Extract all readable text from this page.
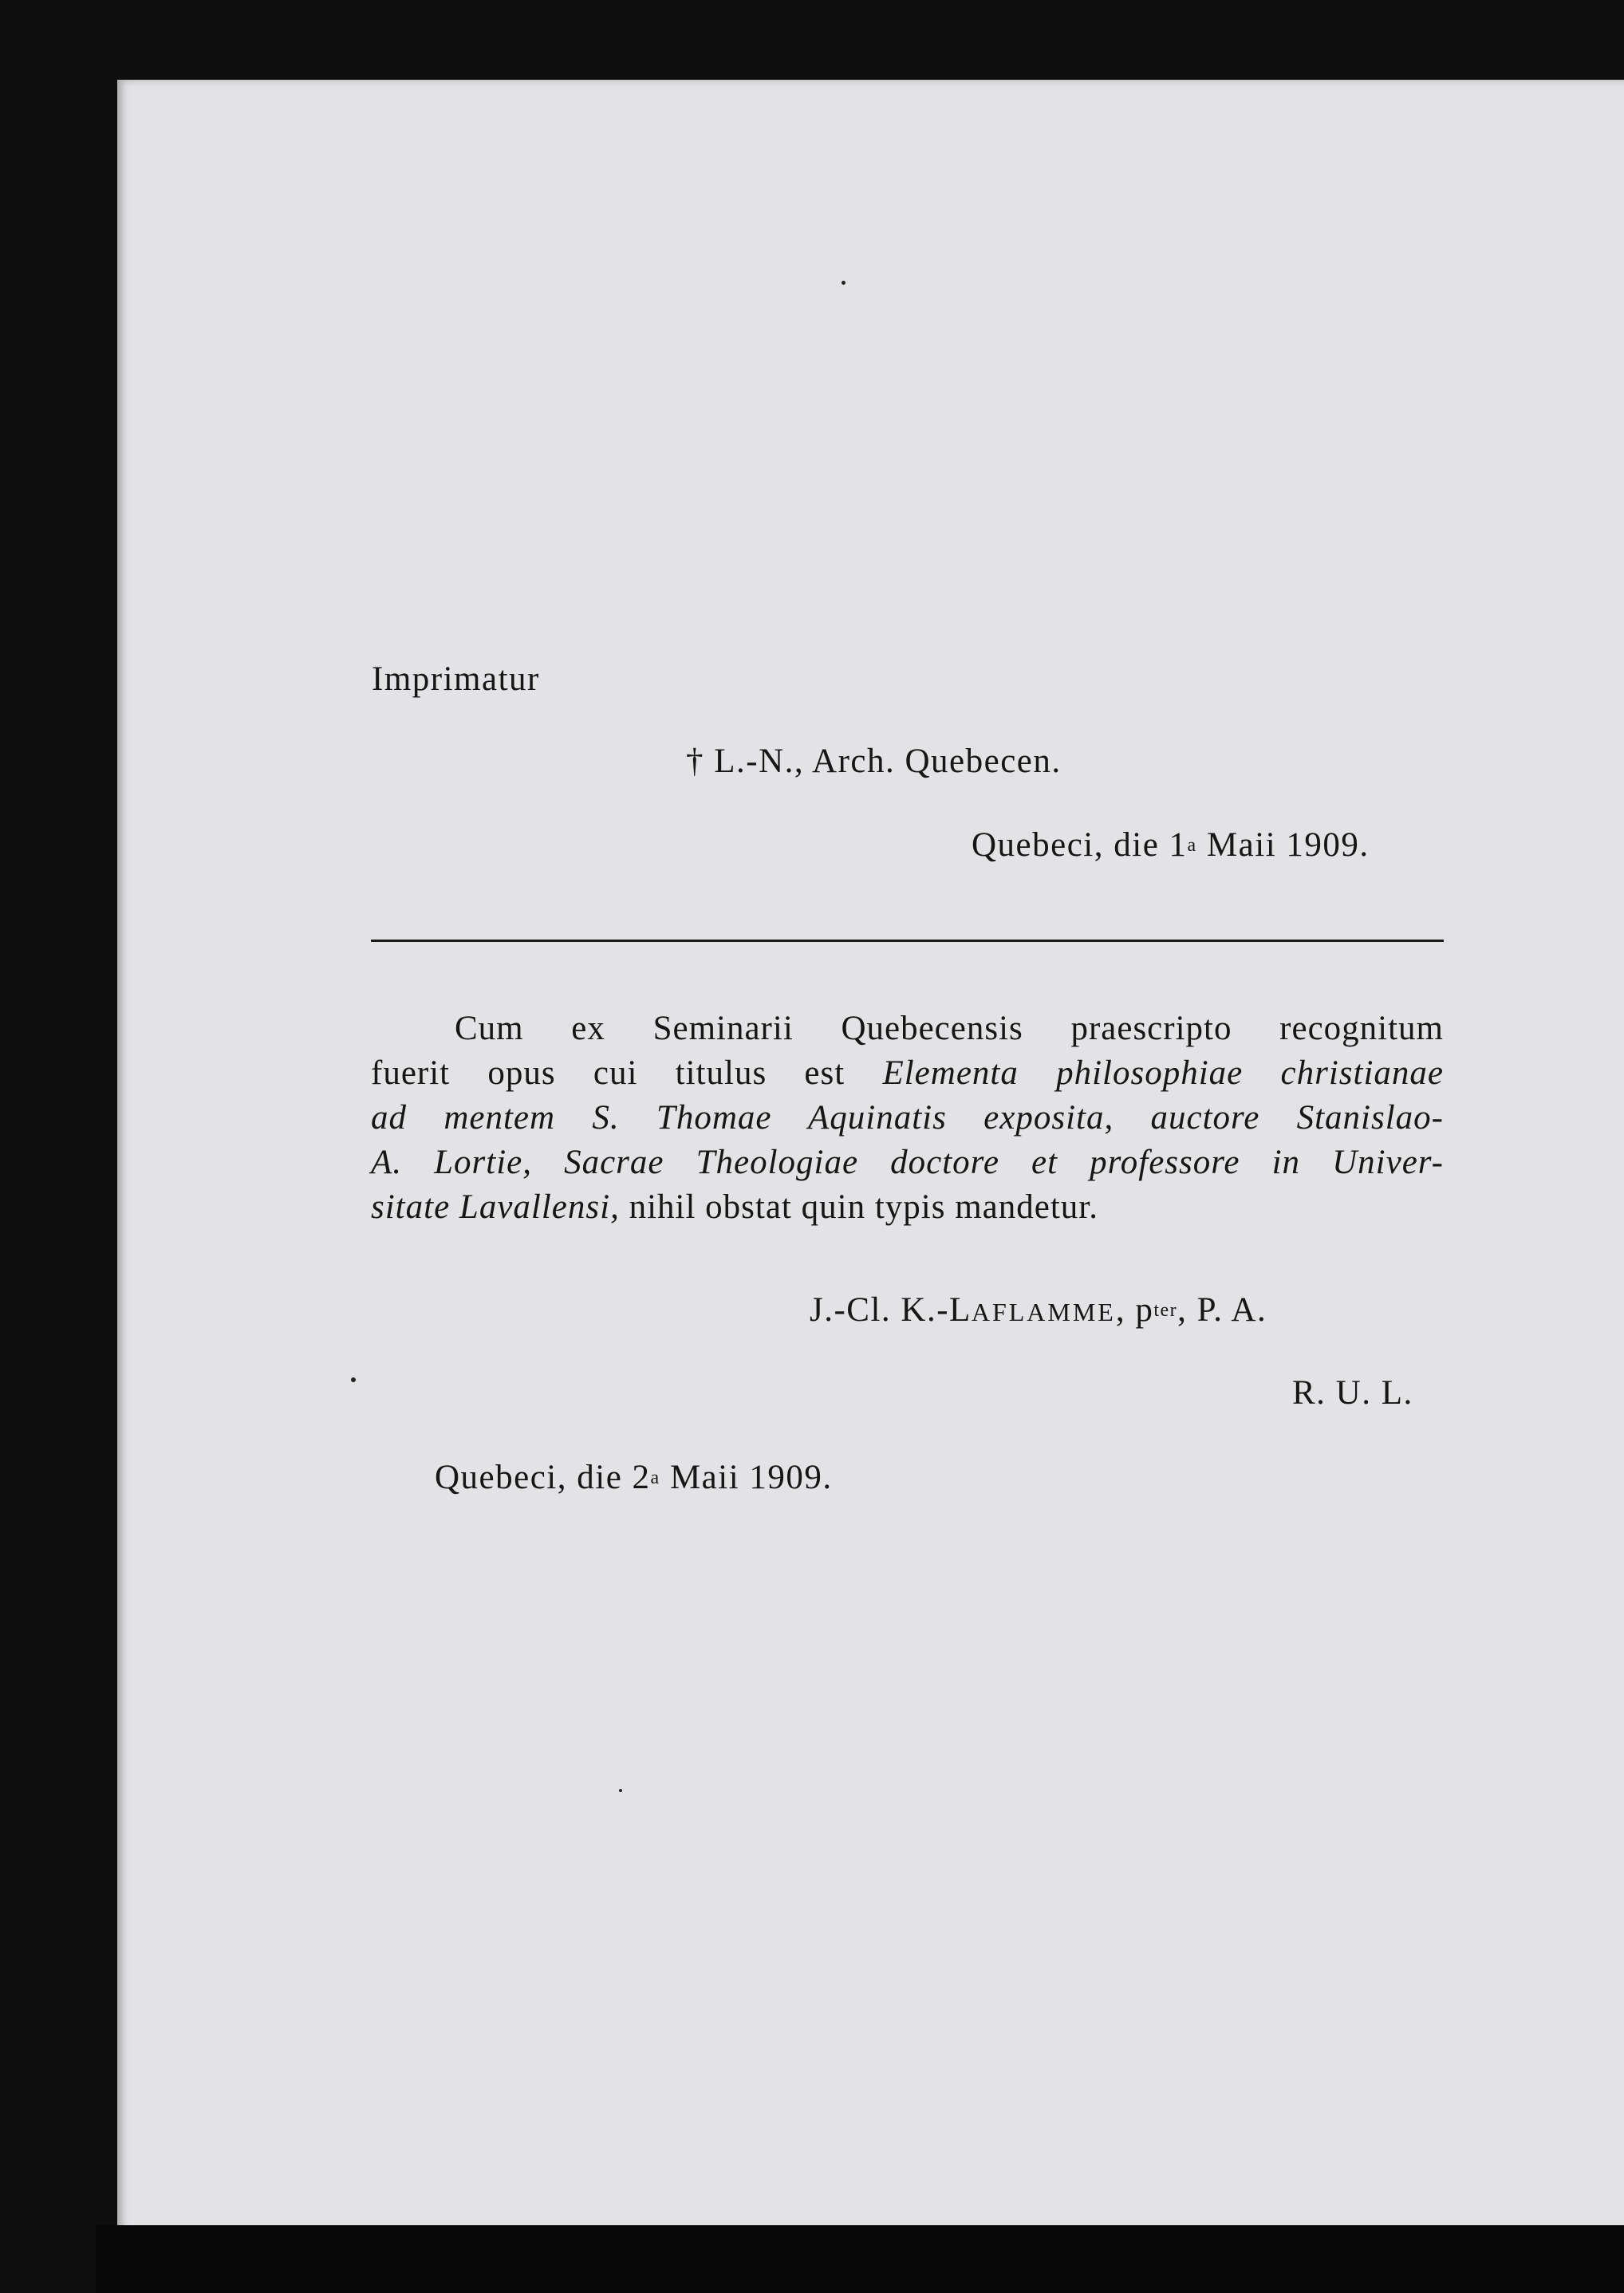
Imprimatur
† L.-N., Arch. Quebecen.
Quebeci, die 1$^a$ Maii 1909.
Cum ex Seminarii Quebecensis praescripto recognitum
fuerit opus cui titulus est Elementa philosophiae christianae
ad mentem S. Thomae Aquinatis exposita, auctore Stanislao-
A. Lortie, Sacrae Theologiae doctore et professore in Univer-
sitate Lavallensi, nihil obstat quin typis mandetur.
J.-Cl. K.-LAFLAMME, $p^{ter}$, P. A.
R. U. L.
Quebeci, die 2$^a$ Maii 1909.
